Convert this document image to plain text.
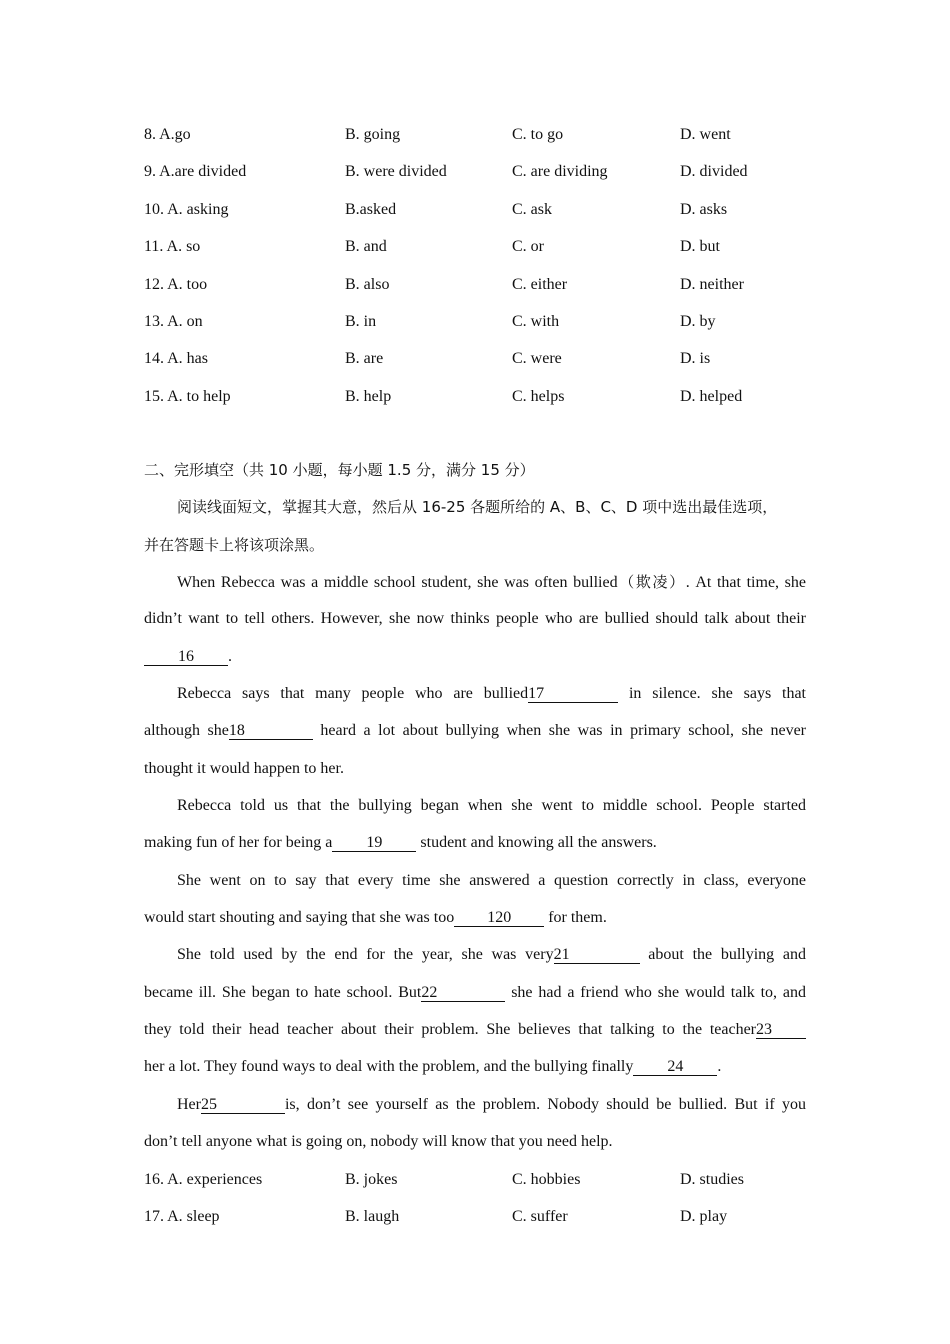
8. A.go	B. going	C. to go	D. went
9. A.are divided	B. were divided	C. are dividing	D. divided
10. A. asking	B.asked	C. ask	D. asks
11. A. so	B. and	C. or	D. but
12. A. too	B. also	C. either	D. neither
13. A. on	B. in	C. with	D. by
14. A. has	B. are	C. were	D. is
15. A. to help	B. help	C. helps	D. helped
二、完形填空（共 10 小题，每小题 1.5 分，满分 15 分）
阅读线面短文，掌握其大意，然后从 16-25 各题所给的 A、B、C、D 项中选出最佳选项，
并在答题卡上将该项涂黑。
When Rebecca was a middle school student, she was often bullied（欺凌）. At that time, she
didn’t want to tell others. However, she now thinks people who are bullied should talk about their
16 .
Rebecca says that many people who are bullied17	in silence. she says that
although she18	heard a lot about bullying when she was in primary school, she never
thought it would happen to her.
Rebecca told us that the bullying began when she went to middle school. People started
making fun of her for being a 19 student and knowing all the answers.
She went on to say that every time she answered a question correctly in class, everyone
would start shouting and saying that she was too 120 for them.
She told used by the end for the year, she was very21	about the bullying and
became ill. She began to hate school. But22	she had a friend who she would talk to, and
they told their head teacher about their problem. She believes that talking to the teacher23
her a lot. They found ways to deal with the problem, and the bullying finally 24 .
Her25	is, don’t see yourself as the problem. Nobody should be bullied. But if you
don’t tell anyone what is going on, nobody will know that you need help.
16. A. experiences	B. jokes	C. hobbies	D. studies
17. A. sleep	B. laugh	C. suffer	D. play
